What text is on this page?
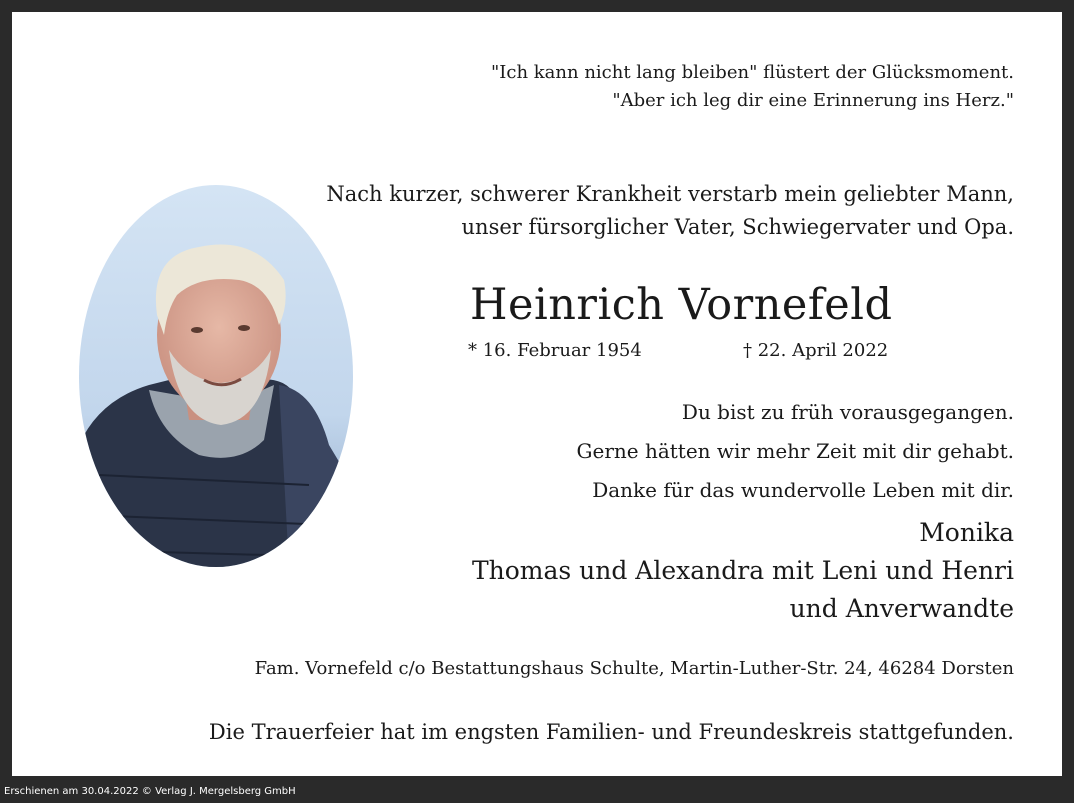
"Ich kann nicht lang bleiben" flüstert der Glücksmoment.
"Aber ich leg dir eine Erinnerung ins Herz."
Nach kurzer, schwerer Krankheit verstarb mein geliebter Mann,
unser fürsorglicher Vater, Schwiegervater und Opa.
Heinrich Vornefeld
* 16. Februar 1954	† 22. April 2022
Du bist zu früh vorausgegangen.
Gerne hätten wir mehr Zeit mit dir gehabt.
Danke für das wundervolle Leben mit dir.
Monika
Thomas und Alexandra mit Leni und Henri
und Anverwandte
Fam. Vornefeld c/o Bestattungshaus Schulte, Martin-Luther-Str. 24, 46284 Dorsten
Die Trauerfeier hat im engsten Familien- und Freundeskreis stattgefunden.
Erschienen am 30.04.2022 © Verlag J. Mergelsberg GmbH
